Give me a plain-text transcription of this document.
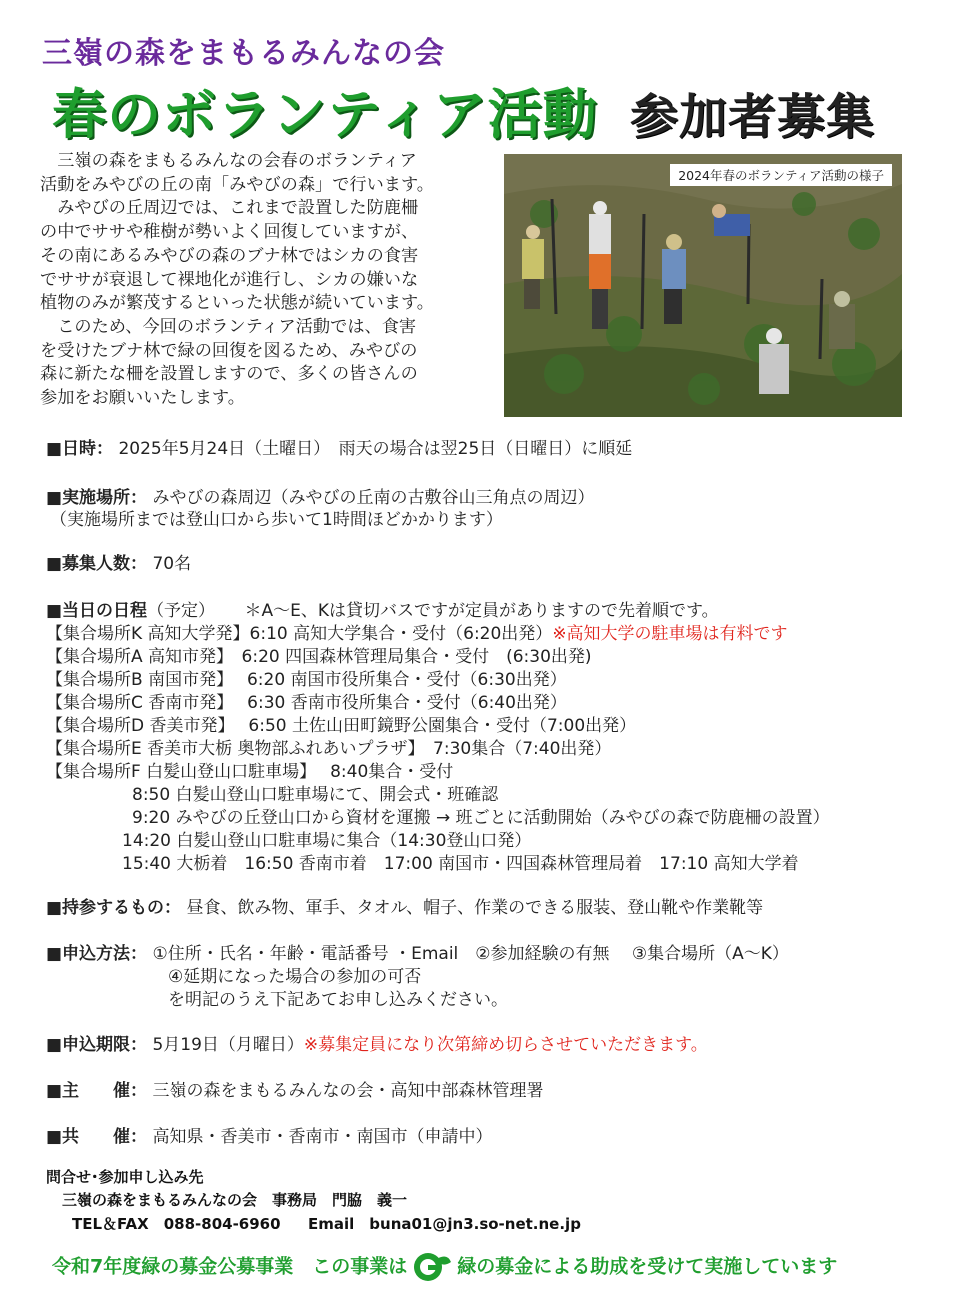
三嶺の森をまもるみんなの会
春のボランティア活動 参加者募集

　三嶺の森をまもるみんなの会春のボランティア

活動をみやびの丘の南「みやびの森」で行います。

　みやびの丘周辺では、これまで設置した防鹿柵

の中でササや稚樹が勢いよく回復していますが、

その南にあるみやびの森のブナ林ではシカの食害

でササが衰退して裸地化が進行し、シカの嫌いな

植物のみが繁茂するといった状態が続いています。

　このため、今回のボランティア活動では、食害

を受けたブナ林で緑の回復を図るため、みやびの

森に新たな柵を設置しますので、多くの皆さんの

参加をお願いいたします。

2024年春のボランティア活動の様子
■日時： 2025年5月24日（土曜日）　雨天の場合は翌25日（日曜日）に順延
■実施場所： みやびの森周辺（みやびの丘南の古敷谷山三角点の周辺）
（実施場所までは登山口から歩いて1時間ほどかかります）
■募集人数： 70名
■当日の日程（予定） ＊A～E、Kは貸切バスですが定員がありますので先着順です。
【集合場所K 高知大学発】6:10 高知大学集合・受付（6:20出発）※高知大学の駐車場は有料です
【集合場所A 高知市発】　6:20 四国森林管理局集合・受付　(6:30出発)
【集合場所B 南国市発】　 6:20 南国市役所集合・受付（6:30出発）
【集合場所C 香南市発】　 6:30 香南市役所集合・受付（6:40出発）
【集合場所D 香美市発】　 6:50 土佐山田町鏡野公園集合・受付（7:00出発）
【集合場所E 香美市大栃 奥物部ふれあいプラザ】　7:30集合（7:40出発）
【集合場所F 白髪山登山口駐車場】　 8:40集合・受付
8:50 白髪山登山口駐車場にて、開会式・班確認
9:20 みやびの丘登山口から資材を運搬 → 班ごとに活動開始（みやびの森で防鹿柵の設置）
14:20 白髪山登山口駐車場に集合（14:30登山口発）
15:40 大栃着　16:50 香南市着　17:00 南国市・四国森林管理局着　17:10 高知大学着
■持参するもの： 昼食、飲み物、軍手、タオル、帽子、作業のできる服装、登山靴や作業靴等
■申込方法： ①住所・氏名・年齢・電話番号 ・Email　②参加経験の有無　 ③集合場所（A～K）
④延期になった場合の参加の可否
を明記のうえ下記あてお申し込みください。
■申込期限： 5月19日（月曜日）※募集定員になり次第締め切らさせていただきます。
■主　　催： 三嶺の森をまもるみんなの会・高知中部森林管理署
■共　　催： 高知県・香美市・香南市・南国市（申請中）
問合せ･参加申し込み先
三嶺の森をまもるみんなの会　事務局　門脇　義一
TEL＆FAX　088-804-6960 Email　buna01@jn3.so-net.ne.jp
令和7年度緑の募金公募事業　この事業は	緑の募金による助成を受けて実施しています
